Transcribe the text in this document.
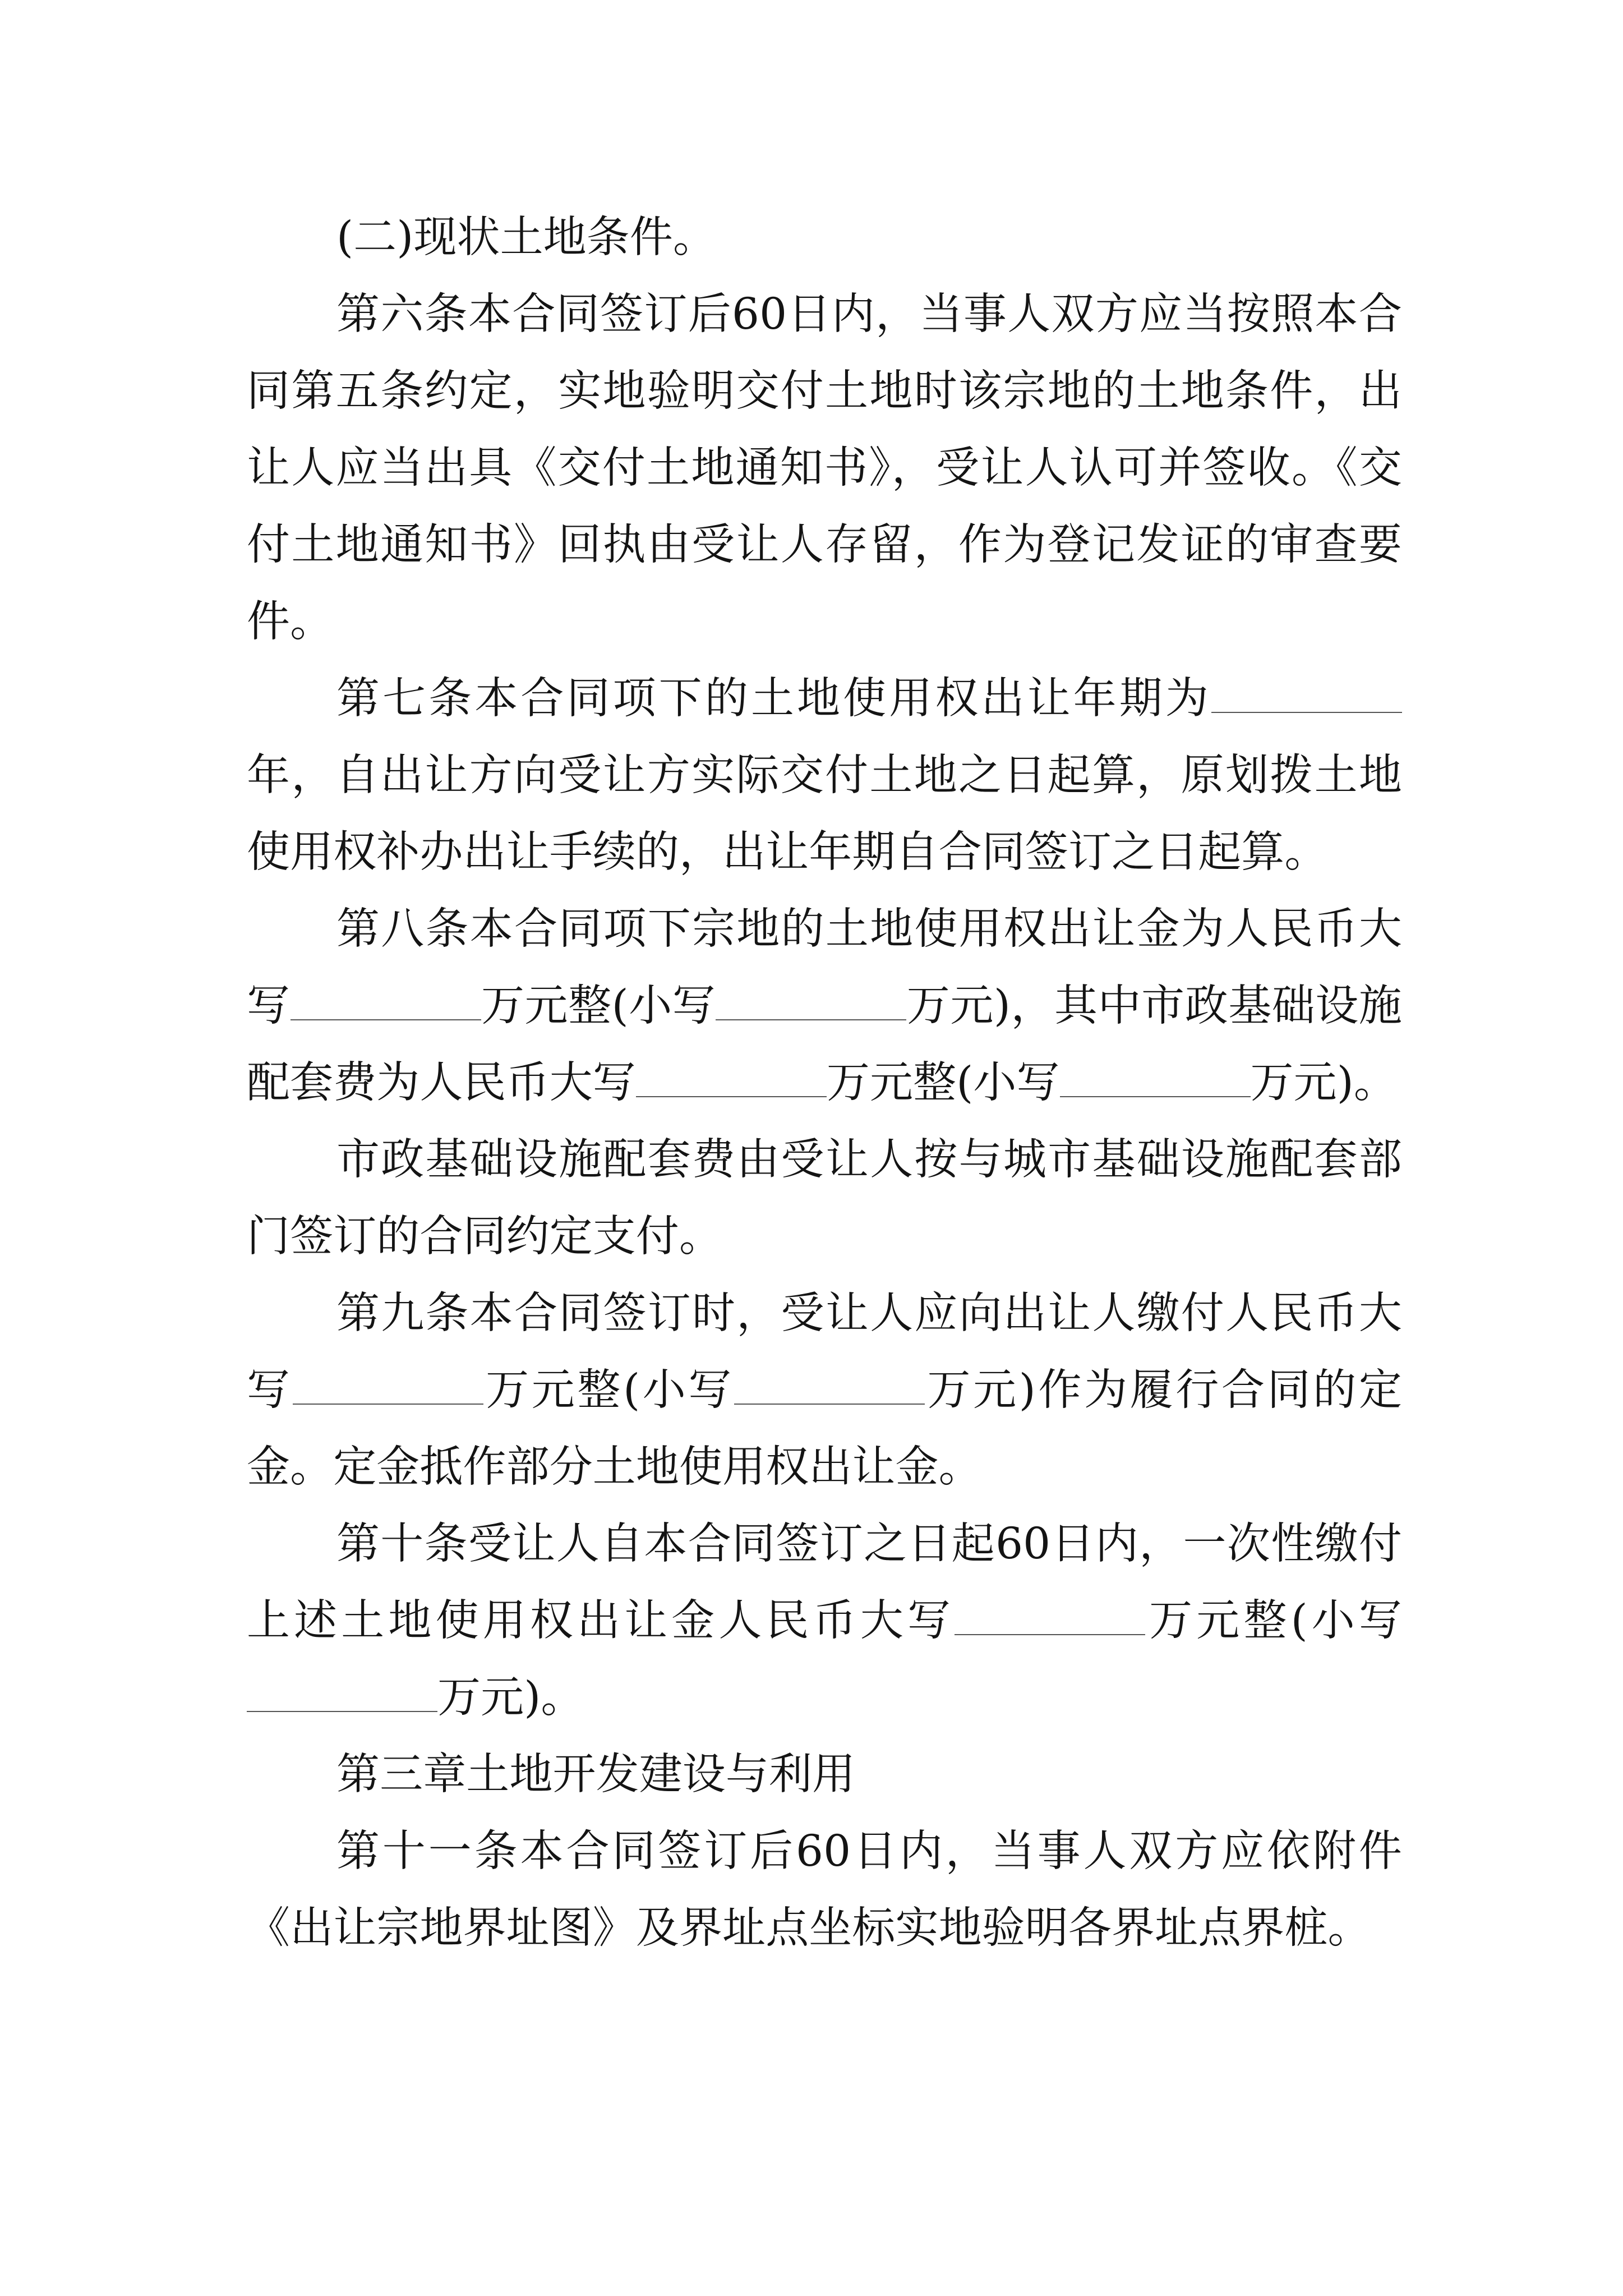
(二)现状土地条件。

第六条本合同签订后60日内，当事人双方应当按照本合同第五条约定，实地验明交付土地时该宗地的土地条件，出让人应当出具《交付土地通知书》，受让人认可并签收。《交付土地通知书》回执由受让人存留，作为登记发证的审查要件。

第七条本合同项下的土地使用权出让年期为年，自出让方向受让方实际交付土地之日起算，原划拨土地使用权补办出让手续的，出让年期自合同签订之日起算。

第八条本合同项下宗地的土地使用权出让金为人民币大写	万元整(小写	万元)，其中市政基础设施配套费为人民币大写	万元整(小写	万元)。

市政基础设施配套费由受让人按与城市基础设施配套部门签订的合同约定支付。

第九条本合同签订时，受让人应向出让人缴付人民币大写	万元整(小写	万元)作为履行合同的定金。定金抵作部分土地使用权出让金。

第十条受让人自本合同签订之日起60日内，一次性缴付上述土地使用权出让金人民币大写	万元整(小写万元)。

第三章土地开发建设与利用

第十一条本合同签订后60日内，当事人双方应依附件《出让宗地界址图》及界址点坐标实地验明各界址点界桩。
